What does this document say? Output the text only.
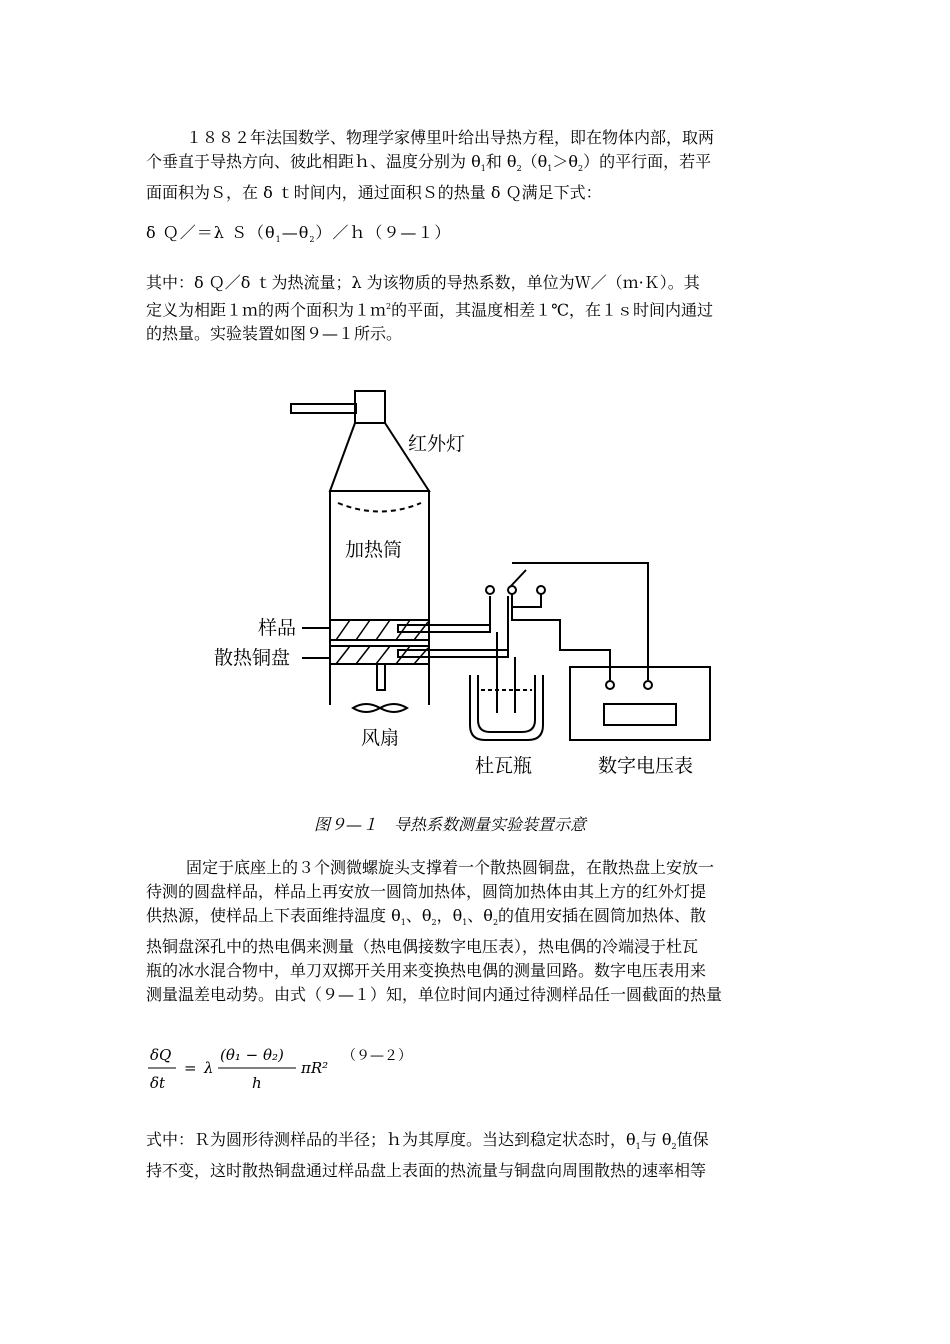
１８８２年法国数学、物理学家傅里叶给出导热方程，即在物体内部，取两
个垂直于导热方向、彼此相距ｈ、温度分别为 $\theta_1$和 $\theta_2(\theta_1>\theta_2)$的平行面，若平
面面积为Ｓ，在 δ ｔ时间内，通过面积Ｓ的热量 δ Ｑ满足下式：
δ Ｑ／＝λ $S(\theta_1—\theta_2)/h(9—1)$
其中：δ Ｑ／δ ｔ为热流量；λ 为该物质的导热系数，单位为Ｗ／（ｍ·Ｋ）。其
定义为相距１ｍ的两个面积为１ｍ$^2$的平面，其温度相差１℃，在１ｓ时间内通过
的热量。实验装置如图９—１所示。
红外灯
加热筒
样品
散热铜盘
风扇
杜瓦瓶	数字电压表
图９—１　导热系数测量实验装置示意
固定于底座上的３个测微螺旋头支撑着一个散热圆铜盘，在散热盘上安放一
待测的圆盘样品，样品上再安放一圆筒加热体，圆筒加热体由其上方的红外灯提
供热源，使样品上下表面维持温度 $\theta_1$、$\theta_2$，$\theta_1$、$\theta_2$的值用安插在圆筒加热体、散
热铜盘深孔中的热电偶来测量（热电偶接数字电压表），热电偶的冷端浸于杜瓦
瓶的冰水混合物中，单刀双掷开关用来变换热电偶的测量回路。数字电压表用来
测量温差电动势。由式（９—１）知，单位时间内通过待测样品任一圆截面的热量
δQ
δt
= λ
(θ₁ − θ₂)
h
πR²
（９—２）
式中：Ｒ为圆形待测样品的半径；ｈ为其厚度。当达到稳定状态时，$\theta_1$与 $\theta_2$值保
持不变，这时散热铜盘通过样品盘上表面的热流量与铜盘向周围散热的速率相等
